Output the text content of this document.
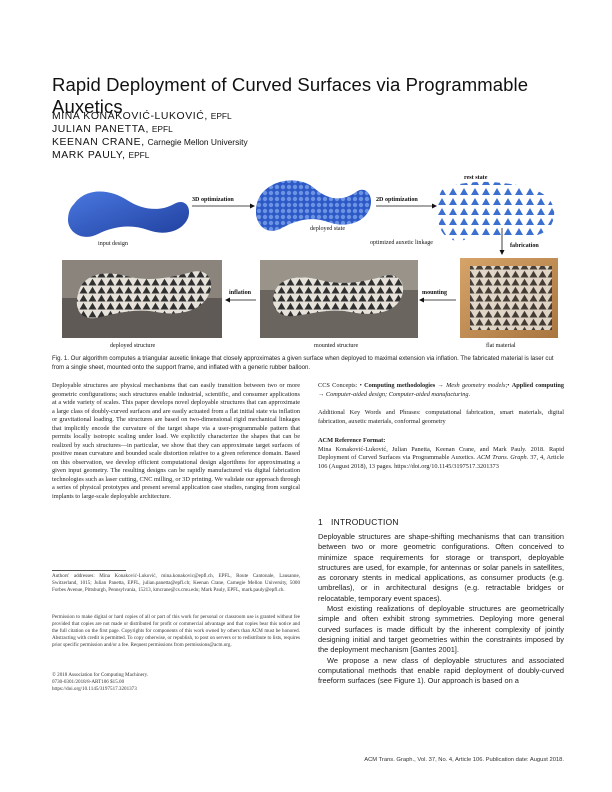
Rapid Deployment of Curved Surfaces via Programmable Auxetics
MINA KONAKOVIĆ-LUKOVIĆ, EPFL
JULIAN PANETTA, EPFL
KEENAN CRANE, Carnegie Mellon University
MARK PAULY, EPFL
input design
3D optimization
deployed state
2D optimization
rest state
optimized auxetic linkage	fabrication
deployed structure
inflation
mounted structure
mounting
flat material
Fig. 1. Our algorithm computes a triangular auxetic linkage that closely approximates a given surface when deployed to maximal extension via inflation. The fabricated material is laser cut from a single sheet, mounted onto the support frame, and inflated with a generic rubber balloon.
Deployable structures are physical mechanisms that can easily transition between two or more geometric configurations; such structures enable industrial, scientific, and consumer applications at a wide variety of scales. This paper develops novel deployable structures that can approximate a large class of doubly-curved surfaces and are easily actuated from a flat initial state via inflation or gravitational loading. The structures are based on two-dimensional rigid mechanical linkages that implicitly encode the curvature of the target shape via a user-programmable pattern that permits locally isotropic scaling under load. We explicitly characterize the shapes that can be realized by such structures—in particular, we show that they can approximate target surfaces of positive mean curvature and bounded scale distortion relative to a given reference domain. Based on this observation, we develop efficient computational design algorithms for approximating a given input geometry. The resulting designs can be rapidly manufactured via digital fabrication technologies such as laser cutting, CNC milling, or 3D printing. We validate our approach through a series of physical prototypes and present several application case studies, ranging from surgical implants to large-scale deployable architecture.
Authors' addresses: Mina Konaković-Luković, mina.konakovic@epfl.ch, EPFL, Route Cantonale, Lausanne, Switzerland, 1015; Julian Panetta, EPFL, julian.panetta@epfl.ch; Keenan Crane, Carnegie Mellon University, 5000 Forbes Avenue, Pittsburgh, Pennsylvania, 15213, kmcrane@cs.cmu.edu; Mark Pauly, EPFL, mark.pauly@epfl.ch.
Permission to make digital or hard copies of all or part of this work for personal or classroom use is granted without fee provided that copies are not made or distributed for profit or commercial advantage and that copies bear this notice and the full citation on the first page. Copyrights for components of this work owned by others than ACM must be honored. Abstracting with credit is permitted. To copy otherwise, or republish, to post on servers or to redistribute to lists, requires prior specific permission and/or a fee. Request permissions from permissions@acm.org.
© 2018 Association for Computing Machinery.
0730-0301/2018/8-ART106 $15.00
https://doi.org/10.1145/3197517.3201373
CCS Concepts: • Computing methodologies → Mesh geometry models;• Applied computing → Computer-aided design; Computer-aided manufacturing.
Additional Key Words and Phrases: computational fabrication, smart materials, digital fabrication, auxetic materials, conformal geometry
ACM Reference Format:
Mina Konaković-Luković, Julian Panetta, Keenan Crane, and Mark Pauly. 2018. Rapid Deployment of Curved Surfaces via Programmable Auxetics. ACM Trans. Graph. 37, 4, Article 106 (August 2018), 13 pages. https://doi.org/10.1145/3197517.3201373
1 INTRODUCTION

Deployable structures are shape-shifting mechanisms that can transition between two or more geometric configurations. Often conceived to minimize space requirements for storage or transport, deployable structures are used, for example, for antennas or solar panels in satellites, as coronary stents in medical applications, as consumer products (e.g. umbrellas), or in architectural designs (e.g. retractable bridges or relocatable, temporary event spaces).

Most existing realizations of deployable structures are geometrically simple and often exhibit strong symmetries. Deploying more general curved surfaces is made difficult by the inherent complexity of jointly designing initial and target geometries within the constraints imposed by the deployment mechanism [Gantes 2001].

We propose a new class of deployable structures and associated computational methods that enable rapid deployment of doubly-curved freeform surfaces (see Figure 1). Our approach is based on a

ACM Trans. Graph., Vol. 37, No. 4, Article 106. Publication date: August 2018.
